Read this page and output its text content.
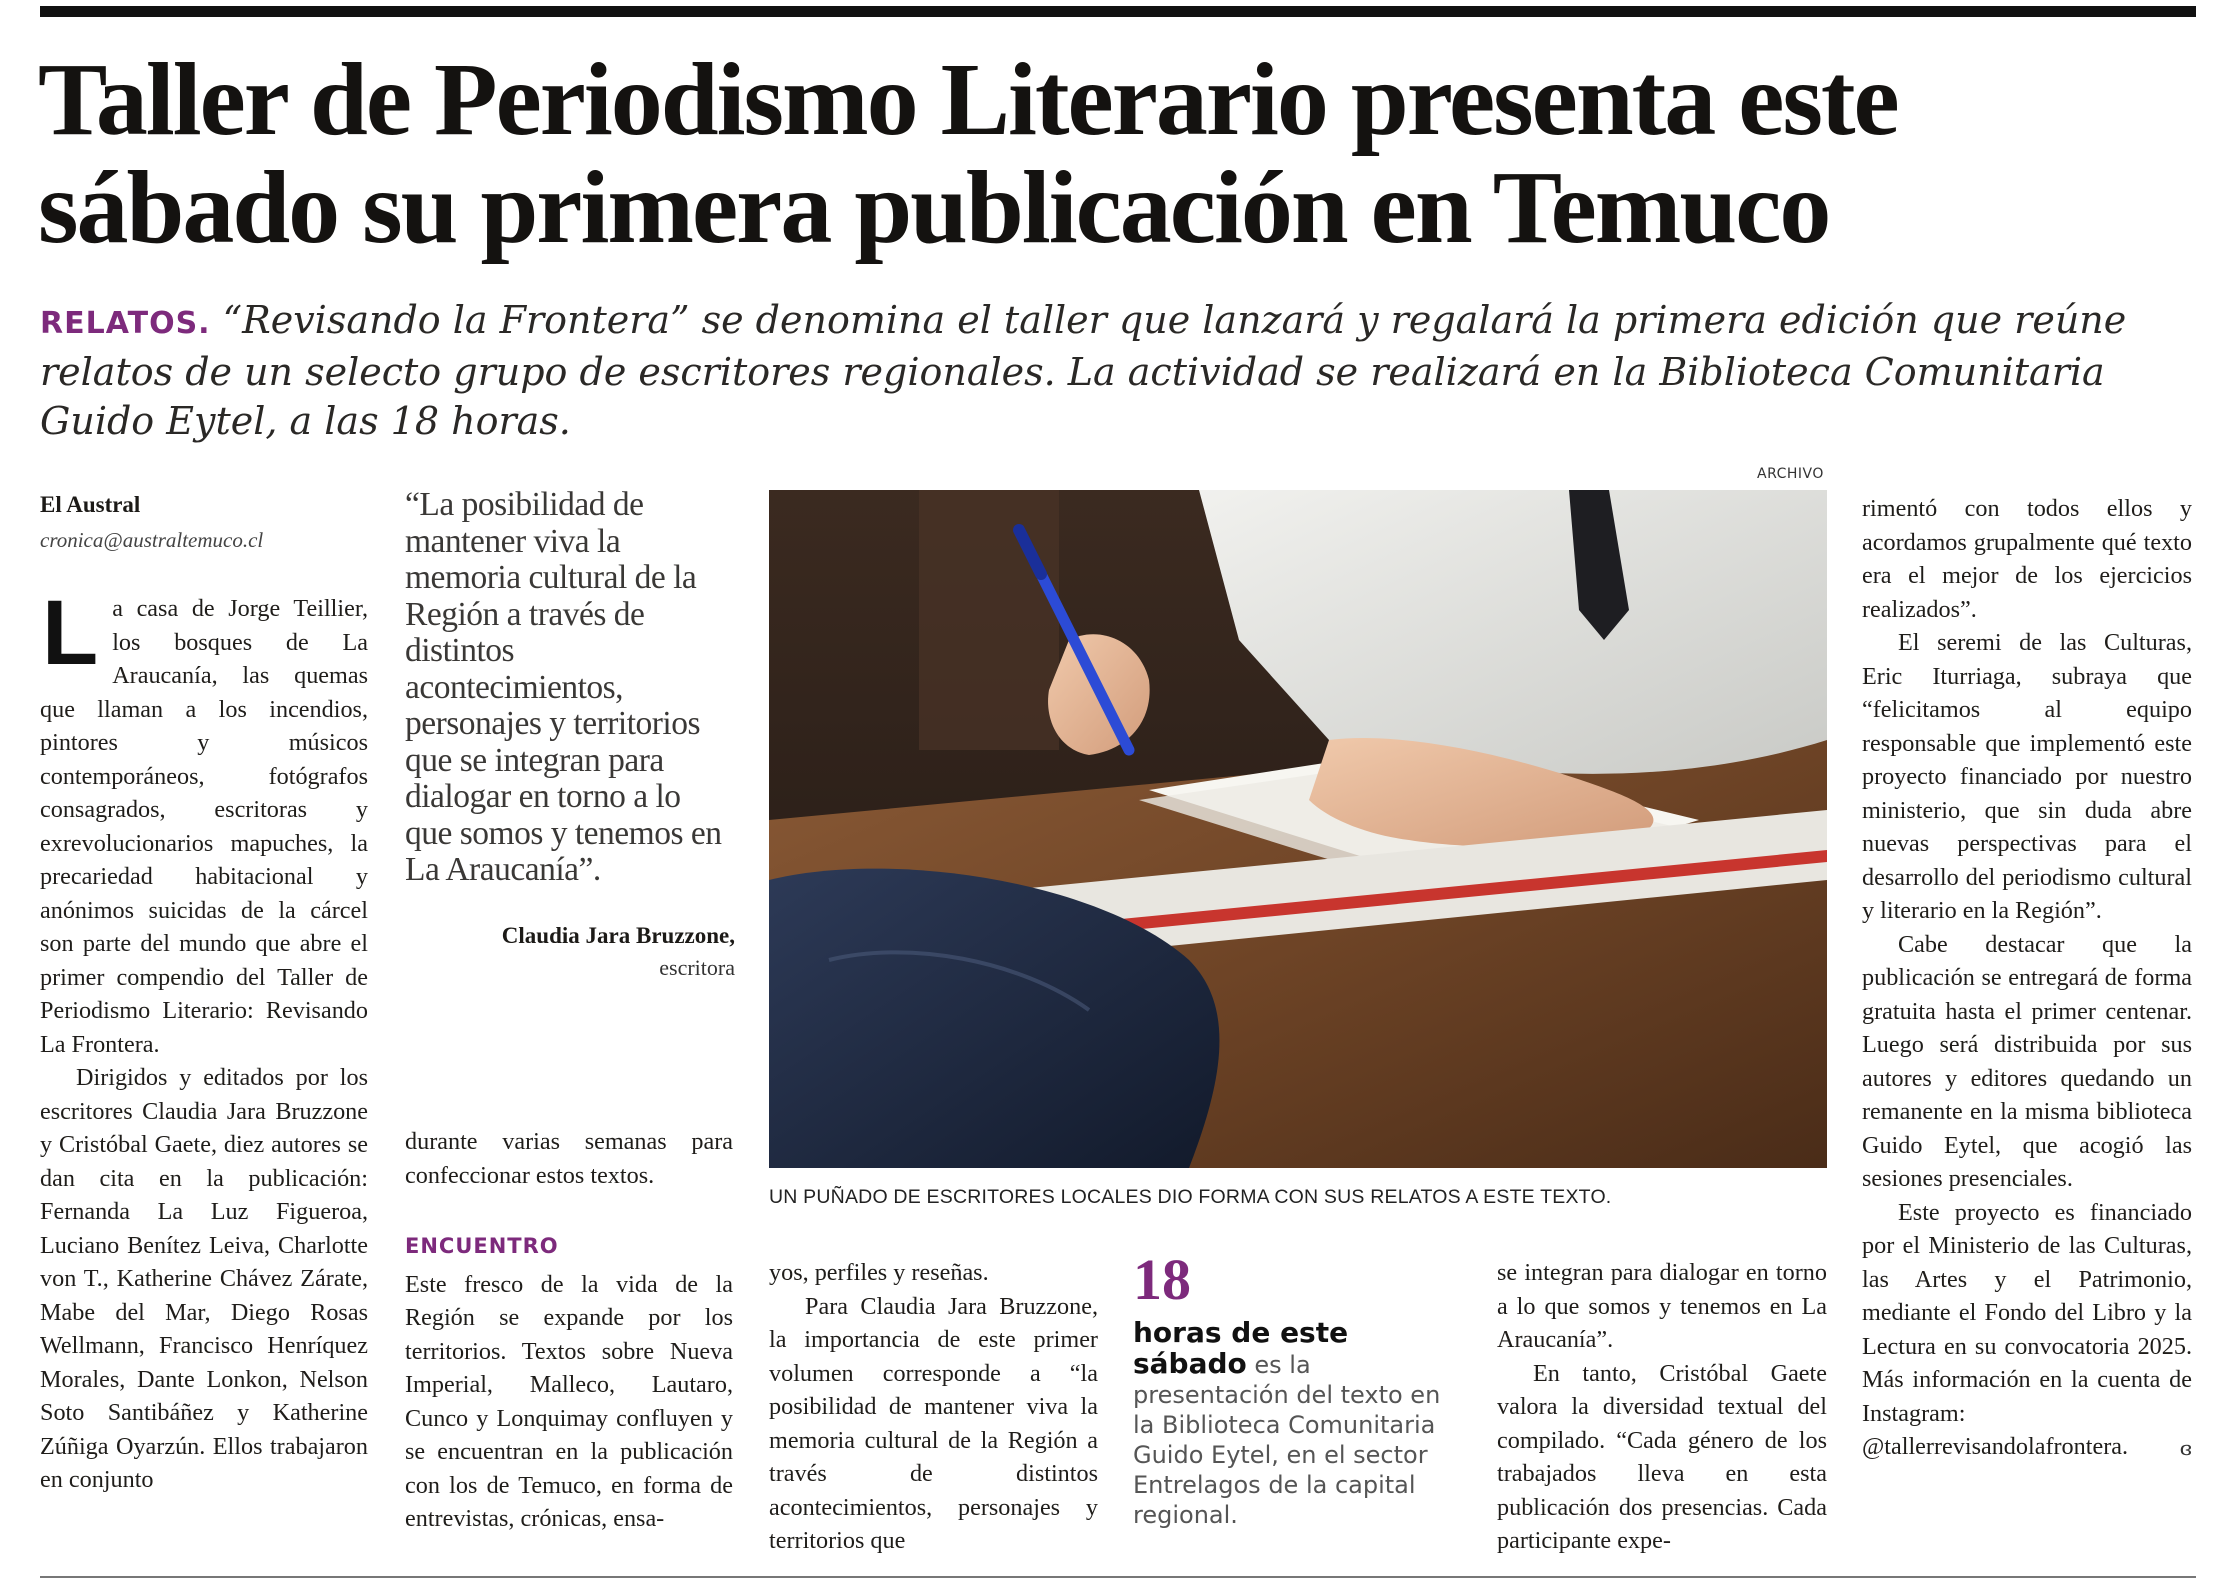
Taller de Periodismo Literario presenta este sábado su primera publicación en Temuco

RELATOS. “Revisando la Frontera” se denomina el taller que lanzará y regalará la primera edición que reúne relatos de un selecto grupo de escritores regionales. La actividad se realizará en la Biblioteca Comunitaria Guido Eytel, a las 18 horas.

El Austral
cronica@australtemuco.cl

La casa de Jorge Teillier, los bosques de La Araucanía, las quemas que llaman a los incendios, pintores y músicos contemporáneos, fotógrafos consagrados, escritoras y exrevolucionarios mapuches, la precariedad habitacional y anónimos suicidas de la cárcel son parte del mundo que abre el primer compendio del Taller de Periodismo Literario: Revisando La Frontera.

Dirigidos y editados por los escritores Claudia Jara Bruzzone y Cristóbal Gaete, diez autores se dan cita en la publicación: Fernanda La Luz Figueroa, Luciano Benítez Leiva, Charlotte von T., Katherine Chávez Zárate, Mabe del Mar, Diego Rosas Wellmann, Francisco Henríquez Morales, Dante Lonkon, Nelson Soto Santibáñez y Katherine Zúñiga Oyarzún. Ellos trabajaron en conjunto

“La posibilidad de mantener viva la memoria cultural de la Región a través de distintos acontecimientos, personajes y territorios que se integran para dialogar en torno a lo que somos y tenemos en La Araucanía”.
Claudia Jara Bruzzone,
escritora

durante varias semanas para confeccionar estos textos.

ENCUENTRO

Este fresco de la vida de la Región se expande por los territorios. Textos sobre Nueva Imperial, Malleco, Lautaro, Cunco y Lonquimay confluyen y se encuentran en la publicación con los de Temuco, en forma de entrevistas, crónicas, ensa-

ARCHIVO
UN PUÑADO DE ESCRITORES LOCALES DIO FORMA CON SUS RELATOS A ESTE TEXTO.

yos, perfiles y reseñas.

Para Claudia Jara Bruzzone, la importancia de este primer volumen corresponde a “la posibilidad de mantener viva la memoria cultural de la Región a través de distintos acontecimientos, personajes y territorios que

18
horas de este sábado es la presentación del texto en la Biblioteca Comunitaria Guido Eytel, en el sector Entrelagos de la capital regional.

se integran para dialogar en torno a lo que somos y tenemos en La Araucanía”.

En tanto, Cristóbal Gaete valora la diversidad textual del compilado. “Cada género de los trabajados lleva en esta publicación dos presencias. Cada participante expe-

rimentó con todos ellos y acordamos grupalmente qué texto era el mejor de los ejercicios realizados”.

El seremi de las Culturas, Eric Iturriaga, subraya que “felicitamos al equipo responsable que implementó este proyecto financiado por nuestro ministerio, que sin duda abre nuevas perspectivas para el desarrollo del periodismo cultural y literario en la Región”.

Cabe destacar que la publicación se entregará de forma gratuita hasta el primer centenar. Luego será distribuida por sus autores y editores quedando un remanente en la misma biblioteca Guido Eytel, que acogió las sesiones presenciales.

Este proyecto es financiado por el Ministerio de las Culturas, las Artes y el Patrimonio, mediante el Fondo del Libro y la Lectura en su convocatoria 2025. Más información en la cuenta de Instagram: @tallerrevisandolafrontera.	ɞ
